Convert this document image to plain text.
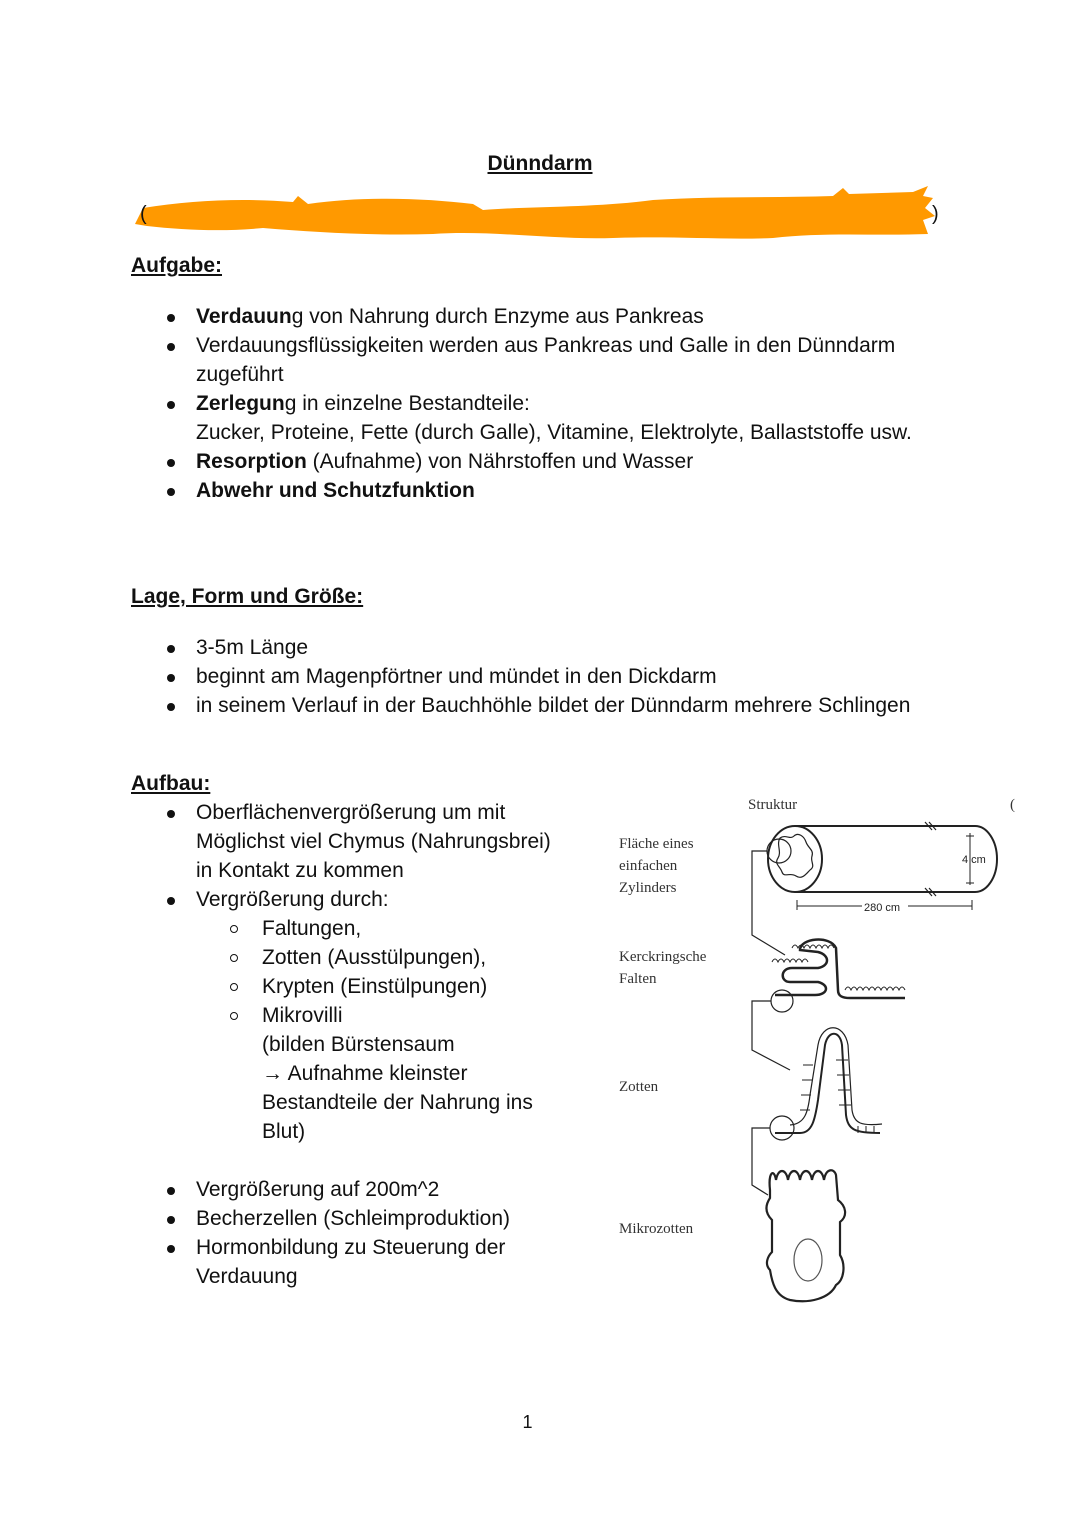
Dünndarm
(	)
Aufgabe:
Verdauung von Nahrung durch Enzyme aus Pankreas
Verdauungsflüssigkeiten werden aus Pankreas und Galle in den Dünndarm zugeführt
Zerlegung in einzelne Bestandteile:
Zucker, Proteine, Fette (durch Galle), Vitamine, Elektrolyte, Ballaststoffe usw.
Resorption (Aufnahme) von Nährstoffen und Wasser
Abwehr und Schutzfunktion
Lage, Form und Größe:
3-5m Länge
beginnt am Magenpförtner und mündet in den Dickdarm
in seinem Verlauf in der Bauchhöhle bildet der Dünndarm mehrere Schlingen
Aufbau:
Oberflächenvergrößerung um mit
Möglichst viel Chymus (Nahrungsbrei)
in Kontakt zu kommen
Vergrößerung durch:
Faltungen,
Zotten (Ausstülpungen),
Krypten (Einstülpungen)
Mikrovilli
(bilden Bürstensaum
→ Aufnahme kleinster
Bestandteile der Nahrung ins
Blut)
Vergrößerung auf 200m^2
Becherzellen (Schleimproduktion)
Hormonbildung zu Steuerung der
Verdauung
Struktur	(
Fläche eines
einfachen
Zylinders
Kerckringsche
Falten
Zotten
Mikrozotten
4 cm
280 cm
1
